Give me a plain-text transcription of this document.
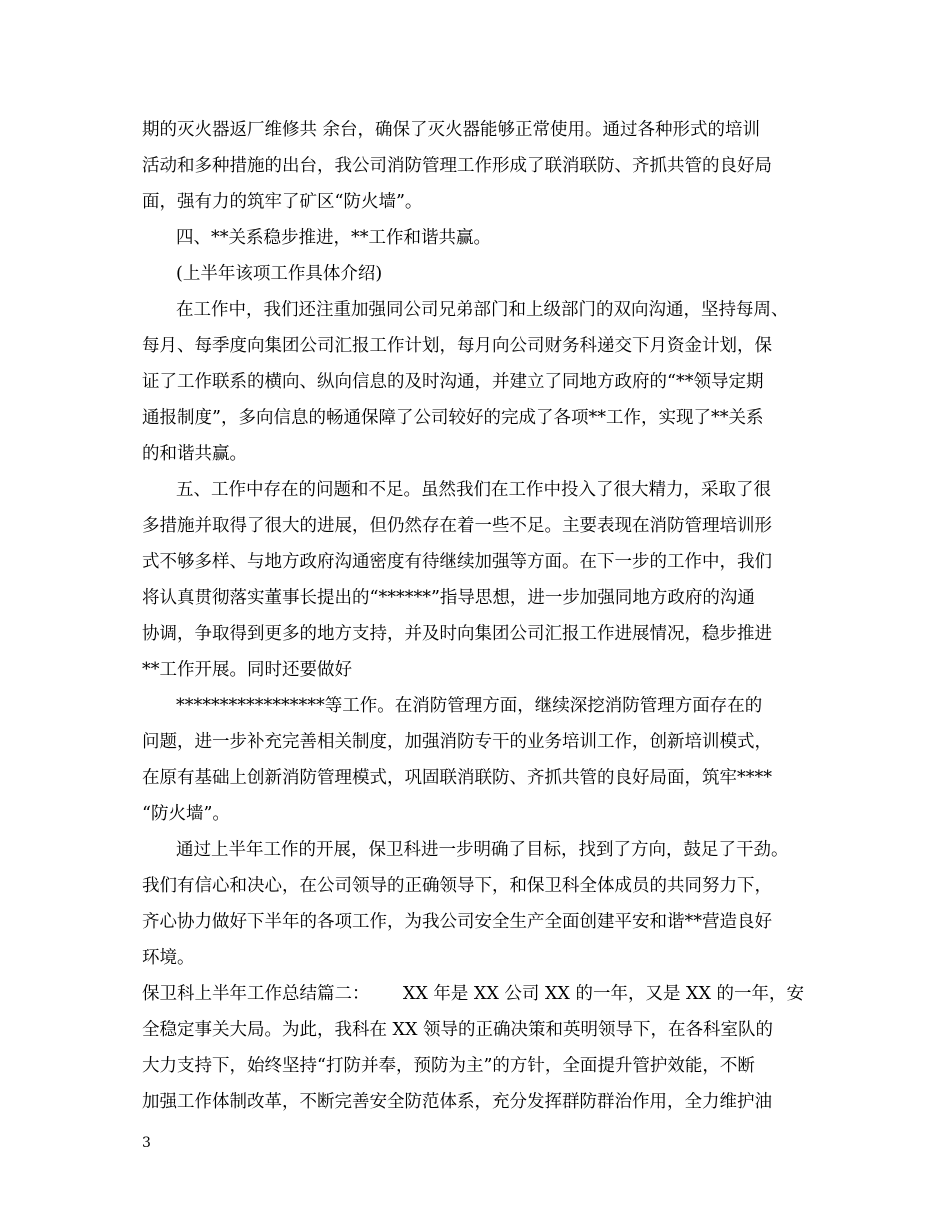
期的灭火器返厂维修共 余台，确保了灭火器能够正常使用。通过各种形式的培训
活动和多种措施的出台，我公司消防管理工作形成了联消联防、齐抓共管的良好局
面，强有力的筑牢了矿区“防火墙”。
四、**关系稳步推进，**工作和谐共赢。
(上半年该项工作具体介绍)
在工作中，我们还注重加强同公司兄弟部门和上级部门的双向沟通，坚持每周、
每月、每季度向集团公司汇报工作计划，每月向公司财务科递交下月资金计划，保
证了工作联系的横向、纵向信息的及时沟通，并建立了同地方政府的“**领导定期
通报制度”，多向信息的畅通保障了公司较好的完成了各项**工作，实现了**关系
的和谐共赢。
五、工作中存在的问题和不足。虽然我们在工作中投入了很大精力，采取了很
多措施并取得了很大的进展，但仍然存在着一些不足。主要表现在消防管理培训形
式不够多样、与地方政府沟通密度有待继续加强等方面。在下一步的工作中，我们
将认真贯彻落实董事长提出的“******”指导思想，进一步加强同地方政府的沟通
协调，争取得到更多的地方支持，并及时向集团公司汇报工作进展情况，稳步推进
**工作开展。同时还要做好
*****************等工作。在消防管理方面，继续深挖消防管理方面存在的
问题，进一步补充完善相关制度，加强消防专干的业务培训工作，创新培训模式，
在原有基础上创新消防管理模式，巩固联消联防、齐抓共管的良好局面，筑牢****
“防火墙”。
通过上半年工作的开展，保卫科进一步明确了目标，找到了方向，鼓足了干劲。
我们有信心和决心，在公司领导的正确领导下，和保卫科全体成员的共同努力下，
齐心协力做好下半年的各项工作，为我公司安全生产全面创建平安和谐**营造良好
环境。
保卫科上半年工作总结篇二：      XX 年是 XX 公司 XX 的一年，又是 XX 的一年，安
全稳定事关大局。为此，我科在 XX 领导的正确决策和英明领导下，在各科室队的
大力支持下，始终坚持“打防并奉，预防为主”的方针，全面提升管护效能，不断
加强工作体制改革，不断完善安全防范体系，充分发挥群防群治作用，全力维护油
3
